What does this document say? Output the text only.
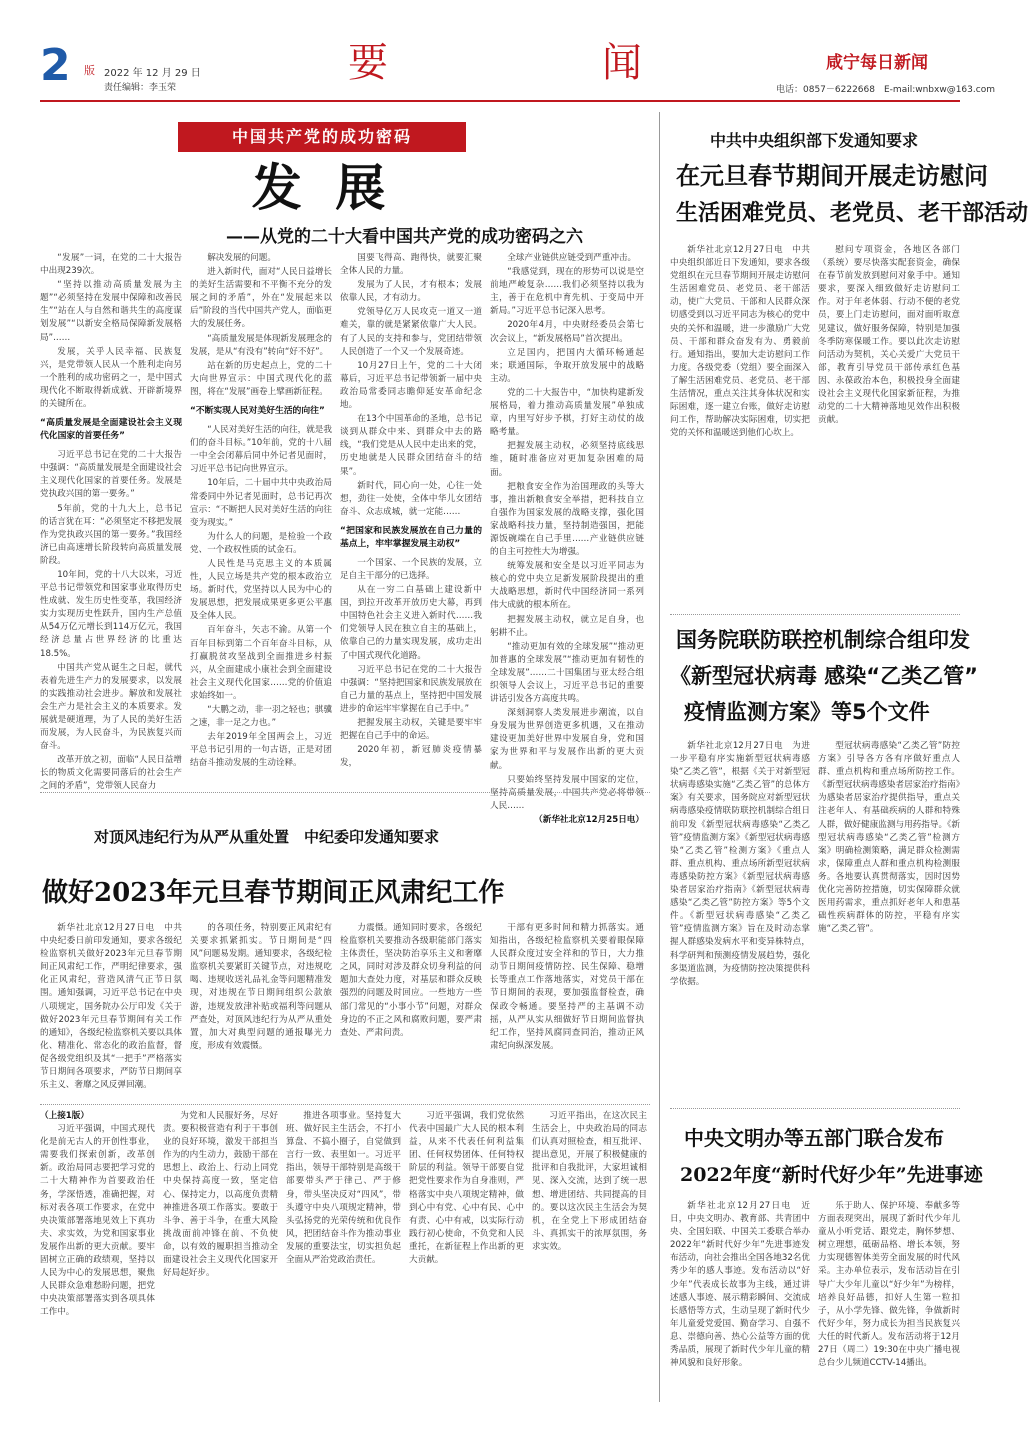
2 版 2022 年 12 月 29 日
责任编辑：李玉荣
要	闻	咸宁每日新闻
电话：0857－6222668　E-mail:wnbxw@163.com
中国共产党的成功密码
发 展
——从党的二十大看中国共产党的成功密码之六

“发展”一词，在党的二十大报告中出现239次。

“坚持以推动高质量发展为主题”“必须坚持在发展中保障和改善民生”“站在人与自然和谐共生的高度谋划发展”“以新安全格局保障新发展格局”……

发展，关乎人民幸福、民族复兴，是党带领人民从一个胜利走向另一个胜利的成功密码之一，是中国式现代化不断取得新成就、开辟新境界的关键所在。

“高质量发展是全面建设社会主义现代化国家的首要任务”

习近平总书记在党的二十大报告中强调：“高质量发展是全面建设社会主义现代化国家的首要任务。发展是党执政兴国的第一要务。”

5年前，党的十九大上，总书记的话言犹在耳：“必须坚定不移把发展作为党执政兴国的第一要务。”我国经济已由高速增长阶段转向高质量发展阶段。

10年间，党的十八大以来，习近平总书记带领党和国家事业取得历史性成就、发生历史性变革，我国经济实力实现历史性跃升，国内生产总值从54万亿元增长到114万亿元，我国经济总量占世界经济的比重达18.5%。

中国共产党从诞生之日起，就代表着先进生产力的发展要求，以发展的实践推动社会进步。解放和发展社会生产力是社会主义的本质要求。发展就是硬道理，为了人民的美好生活而发展，为人民奋斗，为民族复兴而奋斗。

改革开放之初，面临“人民日益增长的物质文化需要同落后的社会生产之间的矛盾”，党带领人民奋力

解决发展的问题。

进入新时代，面对“人民日益增长的美好生活需要和不平衡不充分的发展之间的矛盾”，外在“发展起来以后”阶段的当代中国共产党人，面临更大的发展任务。

“高质量发展是体现新发展理念的发展，是从“有没有”转向“好不好”。

站在新的历史起点上，党的二十大向世界宣示：中国式现代化的蓝图，将在“发展”画卷上擘画新征程。

“不断实现人民对美好生活的向往”

“人民对美好生活的向往，就是我们的奋斗目标。”10年前，党的十八届一中全会闭幕后同中外记者见面时，习近平总书记向世界宣示。

10年后，二十届中共中央政治局常委同中外记者见面时，总书记再次宣示：“不断把人民对美好生活的向往变为现实。”

为什么人的问题，是检验一个政党、一个政权性质的试金石。

人民性是马克思主义的本质属性，人民立场是共产党的根本政治立场。新时代，党坚持以人民为中心的发展思想，把发展成果更多更公平惠及全体人民。

百年奋斗，矢志不渝。从第一个百年目标到第二个百年奋斗目标，从打赢脱贫攻坚战到全面推进乡村振兴，从全面建成小康社会到全面建设社会主义现代化国家……党的价值追求始终如一。

“大鹏之动，非一羽之轻也；骐骥之速，非一足之力也。”

去年2019年全国两会上，习近平总书记引用的一句古语，正是对团结奋斗推动发展的生动诠释。

国要飞得高、跑得快，就要汇聚全体人民的力量。

发展为了人民，才有根本；发展依靠人民，才有动力。

党领导亿万人民攻克一道又一道难关，靠的就是紧紧依靠广大人民。有了人民的支持和参与，党团结带领人民创造了一个又一个发展奇迹。

10月27日上午，党的二十大闭幕后，习近平总书记带领新一届中央政治局常委同志瞻仰延安革命纪念地。

在13个中国革命的圣地，总书记谈到从群众中来、到群众中去的路线，“我们党是从人民中走出来的党，历史地就是人民群众团结奋斗的结果”。

新时代，同心向一处，心往一处想，劲往一处使，全体中华儿女团结奋斗、众志成城，就一定能……

“把国家和民族发展放在自己力量的基点上，牢牢掌握发展主动权”

一个国家、一个民族的发展，立足自主干部分的已选择。

从在一穷二白基础上建设新中国，到拉开改革开放历史大幕，再到中国特色社会主义进入新时代……我们党领导人民在独立自主的基础上，依靠自己的力量实现发展，成功走出了中国式现代化道路。

习近平总书记在党的二十大报告中强调：“坚持把国家和民族发展放在自己力量的基点上，坚持把中国发展进步的命运牢牢掌握在自己手中。”

把握发展主动权，关键是要牢牢把握在自己手中的命运。

2020年初，新冠肺炎疫情暴发，

全球产业链供应链受到严重冲击。

“我感觉到，现在的形势可以说是空前地严峻复杂……我们必须坚持以我为主，善于在危机中育先机、于变局中开新局。”习近平总书记深入思考。

2020年4月，中央财经委员会第七次会议上，“新发展格局”首次提出。

立足国内，把国内大循环畅通起来；联通国际，争取开放发展中的战略主动。

党的二十大报告中，“加快构建新发展格局，着力推动高质量发展”单独成章，内里写好步予棋，打好主动仗的战略考量。

把握发展主动权，必须坚持底线思维，随时准备应对更加复杂困难的局面。

把粮食安全作为治国理政的头等大事，推出新粮食安全举措，把科技自立自强作为国家发展的战略支撑，强化国家战略科技力量，坚持制造强国，把能源饭碗端在自己手里……产业链供应链的自主可控性大为增强。

统筹发展和安全是以习近平同志为核心的党中央立足新发展阶段提出的重大战略思想，新时代中国经济同一系列伟大成就的根本所在。

把握发展主动权，就立足自身，也躬耕不止。

“推动更加有效的全球发展”“推动更加普惠的全球发展”“推动更加有韧性的全球发展”……二十国集团与亚太经合组织领导人会议上，习近平总书记的重要讲话引发各方高度共鸣。

深刻洞察人类发展进步潮流，以自身发展为世界创造更多机遇，又在推动建设更加美好世界中发展自身，党和国家为世界和平与发展作出新的更大贡献。

只要始终坚持发展中国家的定位，坚持高质量发展，中国共产党必将带领人民……

（新华社北京12月25日电）
对顶风违纪行为从严从重处置　中纪委印发通知要求
做好2023年元旦春节期间正风肃纪工作

新华社北京12月27日电　中共中央纪委日前印发通知，要求各级纪检监察机关做好2023年元旦春节期间正风肃纪工作，严明纪律要求，强化正风肃纪，营造风清气正节日氛围。通知强调，习近平总书记在中央八项规定，国务院办公厅印发《关于做好2023年元旦春节期间有关工作的通知》，各级纪检监察机关要以具体化、精准化、常态化的政治监督，督促各级党组织及其“一把手”严格落实节日期间各项要求，严防节日期间享乐主义、奢靡之风反弹回潮。

的各项任务，特别要正风肃纪有关要求抓紧抓实。节日期间是“四风”问题易发期。通知要求，各级纪检监察机关要紧盯关键节点，对违规吃喝、违规收送礼品礼金等问题精准发现，对违规在节日期间组织公款旅游，违规发放津补贴或福利等问题从严查处，对顶风违纪行为从严从重处置，加大对典型问题的通报曝光力度，形成有效震慑。

力震慑。通知同时要求，各级纪检监察机关要推动各级职能部门落实主体责任，坚决防治享乐主义和奢靡之风，同时对涉及群众切身利益的问题加大查处力度，对基层和群众反映强烈的问题及时回应。一些地方一些部门常见的“小事小节”问题，对群众身边的不正之风和腐败问题，要严肃查处、严肃问责。

干部有更多时间和精力抓落实。通知指出，各级纪检监察机关要着眼保障人民群众度过安全祥和的节日，大力推动节日期间疫情防控、民生保障、稳增长等重点工作落地落实，对党员干部在节日期间的表现，要加强监督检查，确保政令畅通。要坚持严的主基调不动摇，从严从实从细做好节日期间监督执纪工作，坚持风腐同查同治，推动正风肃纪向纵深发展。

（上接1版）

习近平强调，中国式现代化是前无古人的开创性事业，需要我们探索创新，改革创新。政治局同志要把学习党的二十大精神作为首要政治任务，学深悟透，准确把握，对标对表各项工作要求，在党中央决策部署落地见效上下真功夫、求实效，为党和国家事业发展作出新的更大贡献。要牢固树立正确的政绩观，坚持以人民为中心的发展思想，聚焦人民群众急难愁盼问题，把党中央决策部署落实到各项具体工作中。

为党和人民服好务，尽好责。要积极营造有利于干事创业的良好环境，激发干部担当作为的内生动力，鼓励干部在思想上、政治上、行动上同党中央保持高度一致，坚定信心、保持定力，以高度负责精神推进各项工作落实。要敢于斗争、善于斗争，在重大风险挑战面前冲锋在前、不负使命，以有效的履职担当推动全面建设社会主义现代化国家开好局起好步。

推进各项事业。坚持复大班、做好民主生活会，不打小算盘、不搞小圈子，自觉做到言行一致、表里如一。习近平指出，领导干部特别是高级干部要带头严于律己、严于修身，带头坚决反对“四风”，带头遵守中央八项规定精神，带头弘扬党的光荣传统和优良作风，把团结奋斗作为推动事业发展的重要法宝，切实担负起全面从严治党政治责任。

习近平强调，我们党依然代表中国最广大人民的根本利益，从来不代表任何利益集团、任何权势团体、任何特权阶层的利益。领导干部要自觉把党性要求作为自身准则，严格落实中央八项规定精神，做到心中有党、心中有民、心中有责、心中有戒，以实际行动践行初心使命，不负党和人民重托，在新征程上作出新的更大贡献。

习近平指出，在这次民主生活会上，中央政治局的同志们认真对照检查，相互批评、提出意见，开展了积极健康的批评和自我批评，大家坦诚相见、深入交流，达到了统一思想、增进团结、共同提高的目的。要以这次民主生活会为契机，在全党上下形成团结奋斗、真抓实干的浓厚氛围，务求实效。

中共中央组织部下发通知要求
在元旦春节期间开展走访慰问
生活困难党员、老党员、老干部活动

新华社北京12月27日电　中共中央组织部近日下发通知，要求各级党组织在元旦春节期间开展走访慰问生活困难党员、老党员、老干部活动，使广大党员、干部和人民群众深切感受到以习近平同志为核心的党中央的关怀和温暖，进一步激励广大党员、干部和群众奋发有为、勇毅前行。通知指出，要加大走访慰问工作力度。各级党委（党组）要全面深入了解生活困难党员、老党员、老干部生活情况，重点关注其身体状况和实际困难，逐一建立台账，做好走访慰问工作，帮助解决实际困难，切实把党的关怀和温暖送到他们心坎上。

慰问专项资金，各地区各部门（系统）要尽快落实配套资金，确保在春节前发放到慰问对象手中。通知要求，要深入细致做好走访慰问工作。对于年老体弱、行动不便的老党员，要上门走访慰问，面对面听取意见建议，做好服务保障，特别是加强冬季防寒保暖工作。要以此次走访慰问活动为契机，关心关爱广大党员干部，教育引导党员干部传承红色基因、永葆政治本色，积极投身全面建设社会主义现代化国家新征程，为推动党的二十大精神落地见效作出积极贡献。

国务院联防联控机制综合组印发
《新型冠状病毒 感染“乙类乙管”
疫情监测方案》等5个文件

新华社北京12月27日电　为进一步平稳有序实施新型冠状病毒感染“乙类乙管”，根据《关于对新型冠状病毒感染实施“乙类乙管”的总体方案》有关要求，国务院应对新型冠状病毒感染疫情联防联控机制综合组日前印发《新型冠状病毒感染“乙类乙管”疫情监测方案》《新型冠状病毒感染“乙类乙管”检测方案》《重点人群、重点机构、重点场所新型冠状病毒感染防控方案》《新型冠状病毒感染者居家治疗指南》《新型冠状病毒感染“乙类乙管”防控方案》等5个文件。《新型冠状病毒感染“乙类乙管”疫情监测方案》旨在及时动态掌握人群感染发病水平和变异株特点，科学研判和预测疫情发展趋势，强化多渠道监测，为疫情防控决策提供科学依据。

型冠状病毒感染“乙类乙管”防控方案》引导各方各有序做好重点人群、重点机构和重点场所防控工作。《新型冠状病毒感染者居家治疗指南》为感染者居家治疗提供指导，重点关注老年人、有基础疾病的人群和特殊人群，做好健康监测与用药指导。《新型冠状病毒感染“乙类乙管”检测方案》明确检测策略，满足群众检测需求，保障重点人群和重点机构检测服务。各地要认真贯彻落实，因时因势优化完善防控措施，切实保障群众就医用药需求，重点抓好老年人和患基础性疾病群体的防控，平稳有序实施“乙类乙管”。

中央文明办等五部门联合发布
2022年度“新时代好少年”先进事迹

新华社北京12月27日电　近日，中央文明办、教育部、共青团中央、全国妇联、中国关工委联合举办2022年“新时代好少年”先进事迹发布活动，向社会推出全国各地32名优秀少年的感人事迹。发布活动以“好少年”代表成长故事为主线，通过讲述感人事迹、展示精彩瞬间、交流成长感悟等方式，生动呈现了新时代少年儿童爱党爱国、勤奋学习、自强不息、崇德向善、热心公益等方面的优秀品质，展现了新时代少年儿童的精神风貌和良好形象。

乐于助人、保护环境、奉献多等方面表现突出，展现了新时代少年儿童从小听党话、跟党走，胸怀梦想、树立理想，砥砺品格、增长本领，努力实现德智体美劳全面发展的时代风采。主办单位表示，发布活动旨在引导广大少年儿童以“好少年”为榜样，培养良好品德，扣好人生第一粒扣子，从小学先锋、做先锋，争做新时代好少年，努力成长为担当民族复兴大任的时代新人。发布活动将于12月27日（周二）19:30在中央广播电视总台少儿频道CCTV-14播出。
